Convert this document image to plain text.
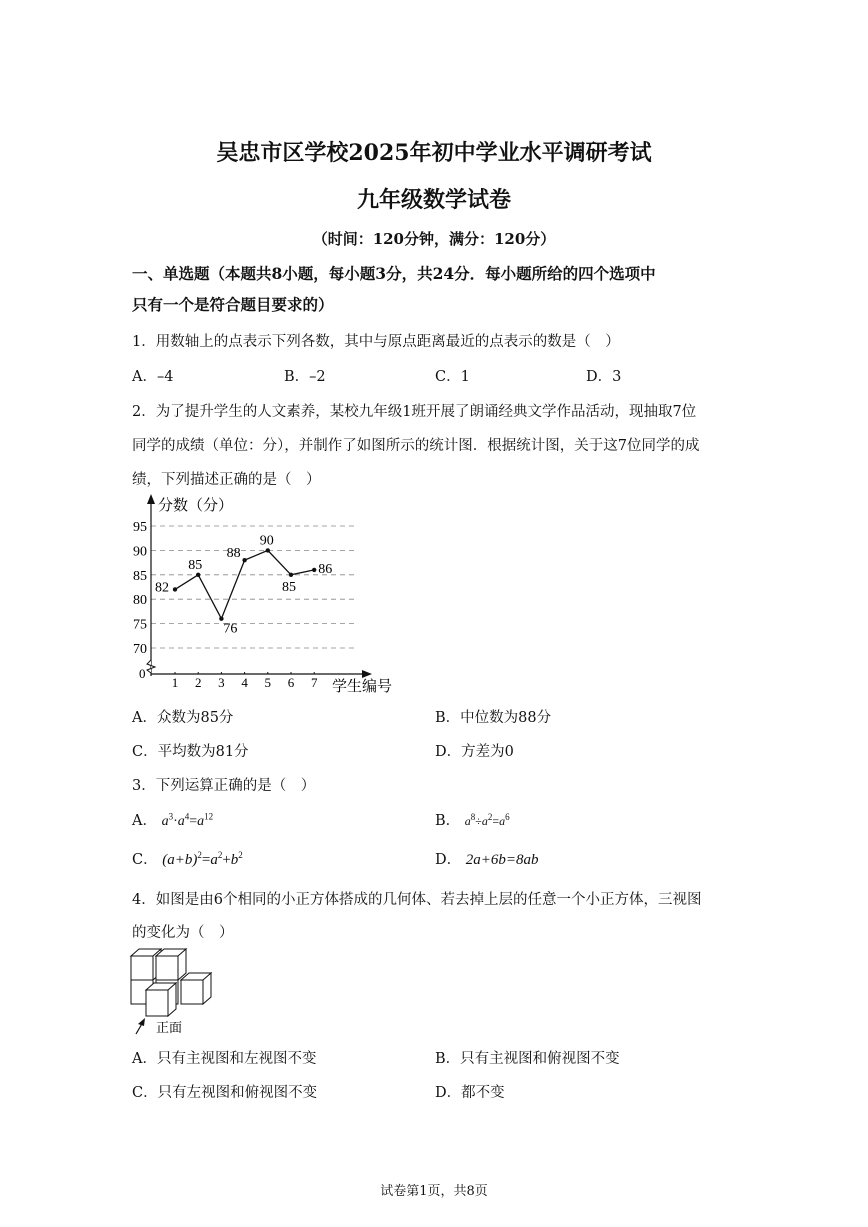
吴忠市区学校2025年初中学业水平调研考试
九年级数学试卷
（时间：120分钟，满分：120分）
一、单选题（本题共8小题，每小题3分，共24分．每小题所给的四个选项中
只有一个是符合题目要求的）
1．用数轴上的点表示下列各数，其中与原点距离最近的点表示的数是（　）
A．–4	B．–2	C．1	D．3
2．为了提升学生的人文素养，某校九年级1班开展了朗诵经典文学作品活动，现抽取7位
同学的成绩（单位：分），并制作了如图所示的统计图．根据统计图，关于这7位同学的成
绩，下列描述正确的是（　）
分数（分）
学生编号
0
70
75
80
85
90
95
1 2 3 4 5 6 7
82
85
76
88
90
85
86
A．众数为85分	B．中位数为88分
C．平均数为81分	D．方差为0
3．下列运算正确的是（　）
A． $a^3\cdot a^4=a^{12}$	B． $a^8\div a^2=a^6$
C． $(a+b)^2=a^2+b^2$	D． 2a+6b=8ab
4．如图是由6个相同的小正方体搭成的几何体、若去掉上层的任意一个小正方体，三视图
的变化为（　）
正面
A．只有主视图和左视图不变	B．只有主视图和俯视图不变
C．只有左视图和俯视图不变	D．都不变
试卷第1页，共8页
